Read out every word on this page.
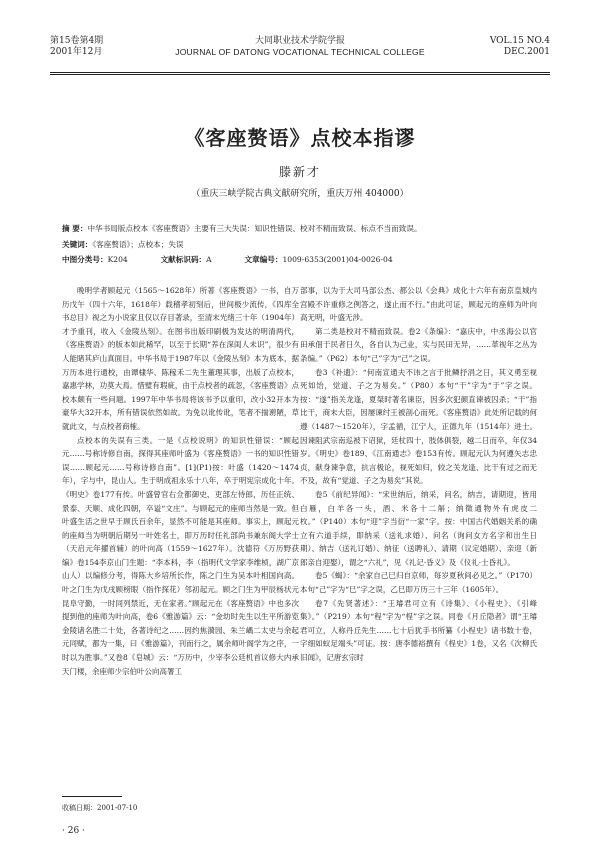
第15卷第4期
2001年12月
大同职业技术学院学报
JOURNAL OF DATONG VOCATIONAL TECHNICAL COLLEGE
VOL.15 NO.4
DEC.2001
《客座赘语》点校本指谬
滕新才
（重庆三峡学院古典文献研究所，重庆万州 404000）
摘 要：中华书局版点校本《客座赘语》主要有三大失误：知识性错误、校对不精而致误、标点不当而致误。
关键词：《客座赘语》；点校本；失误
中图分类号：K204	文献标识码：A	文章编号：1009-6353(2001)04-0026-04

晚明学者顾起元（1565～1628年）所著《客座赘语》一书，自万历戊午（四十六年，1618年）载稽孝初刻后，世间极少流传，《四库全书总目》视之为小说家且仅以存目著录，至清末光绪三十年（1904年）才予重刊，收入《金陵丛刻》。在图书出版印刷极为发达的明清两代，《客座赘语》的版本如此稀罕，以至于长期“养在深闺人未识”，很少有人能睹其庐山真面目。中华书局于1987年以《金陵丛刻》本为底本，据万历本进行通校，由谭棣华、陈稼禾二先生董理其事，出版了点校本，嘉惠学林，功莫大焉。惜璧有瑕疵，由于点校者的疏忽，《客座赘语》点校本颇有一些问题。1997年中华书局将该书予以重印，改小32开本为豪华大32开本，所有错误依然如故。为免以讹传讹，笔者不揣谫陋，草就此文，与点校者商榷。

点校本的失误有三类。一是《点校说明》的知识性错误：“顾起元……号称诗修自南，探得其座师叶盛为《客座赘语》一书的知识性错误……顾起元……号称诗修自南”。[1](P1)按：叶盛（1420～1474年），字与中，昆山人。生于明成祖永乐十八年，卒于明宪宗成化十年。《明史》卷177有传。叶盛曾官右佥都御史、吏部左侍郎，历任正统、景泰、天顺、成化四朝，卒谥“文庄”。与顾起元的座师当然是一致。但叶盛生活之世早于顾氏百余年，显然不可能是其座师。事实上，顾起元的座师当为明朝后期另一叶姓名士，即万历时任礼部尚书兼东阁大学士（天启元年擢首辅）的叶向高（1559～1627年）。沈德符《万历野获编》卷154李京山门生题：“李本科，李（指明代文学家李维桢，湖广京山人）以编修分考，得陈大乡培所长作，陈之门生为吴本叶相国向高。叶之门生为戊戌顾榜眼（指作探花）邻初起元。顾之门生为甲辰杨状元昆阜守勤，一时同列禁近，无在家者。”顾起元在《客座赘语》中也多次提到他的座师为叶向高，卷6《雅游篇》云：“金幼时先生以生平所游览金陵诸名胜二十处，各著诗纪之……因约焦漪园、朱兰嵎二太史与余起元同赋，都为一集，曰《雅游篇》，刊而行之，属余师叶阁学为之序，一时以为胜事。”又卷8《皂城》云：“万历中，少宰李公廷机首议修大内承天门楼，余座师少宗伯叶公向高署工

部事，以为于大司马部公杰、都公以《会典》成化十六年有南京皇城内宫殿不许重修之例答之，遂止而不行。”由此可证，顾起元的座师为叶向高无明，叶盛无涉。

第二类是校对不精而致误。卷2《条编》：“嘉庆中，中丞海公以官田承佃于民者日久，各自认为己业，实与民田无异，……革视年之丛为条编。”（P62）本句“己”字为“己”之误。

卷3《补遗》：“何南宣通夫不讳之言于批鳞抒涓之日，其义勇至视死如饴，觉道、子之为易矣。”（P80）本句“干”字为“于”字之误。按：“遂”指关龙逢，夏桀时著名谏臣，因多次犯颜直谏被囚杀；“干”指比干，商末大臣，因屡谏纣王被剖心而死。《客座赘语》此处所记载的何遵（1487～1520年），字孟循，江宁人，正德九年（1514年）进士。因谏阻武宗南巡被下诏狱，廷杖四十，肢体俱裂，越二日而卒，年仅34岁。《明史》卷189、《江南通志》卷153有传。顾起元认为何遵矢志忠贞，献身谏争意，抗言极论，视死如归，较之关龙逢、比干有过之而无不及，故有“觉道、子之为易矣”其说。

卷5《前纪异闻》：“宋世纳后，纳采，问名，纳吉，请期迎，皆用白雁，白羊各一头，酒、米各十二斛；纳徵通物外有虎皮二枚。”（P140）本句“迎”字当衍“一家”字。按：中国古代婚姻关系的确立有六道手续，即纳采（送礼求婚）、问名（询问女方名字和出生日期）、纳吉（送礼订婚）、纳征（送聘礼）、请期（议定婚期）、亲迎（新郎亲自迎娶），谓之“六礼”，见《礼记·昏义》及《仪礼·士昏礼》。

卷5《蝎》：“余家自己巳归自京师，每岁夏秋间必见之。”（P170）本句“己”字为“巳”字之误，乙巳即万历三十三年（1605年）。

卷7《先贤著述》：“王璿君可立有《诗集》、《小程史》、《引峰集》。”（P219）本句“程”字为“桯”字之误。同卷《月丘隐者》谓“王璿君可立，人称丹丘先生……七十后犹手书所纂《小桯史》诸书数十卷，字细如蚁足端头”可证。按：唐李德裕撰有《桯史》1卷，又名《次柳氏旧闻》，记唐玄宗时

收稿日期：2001-07-10
· 26 ·
